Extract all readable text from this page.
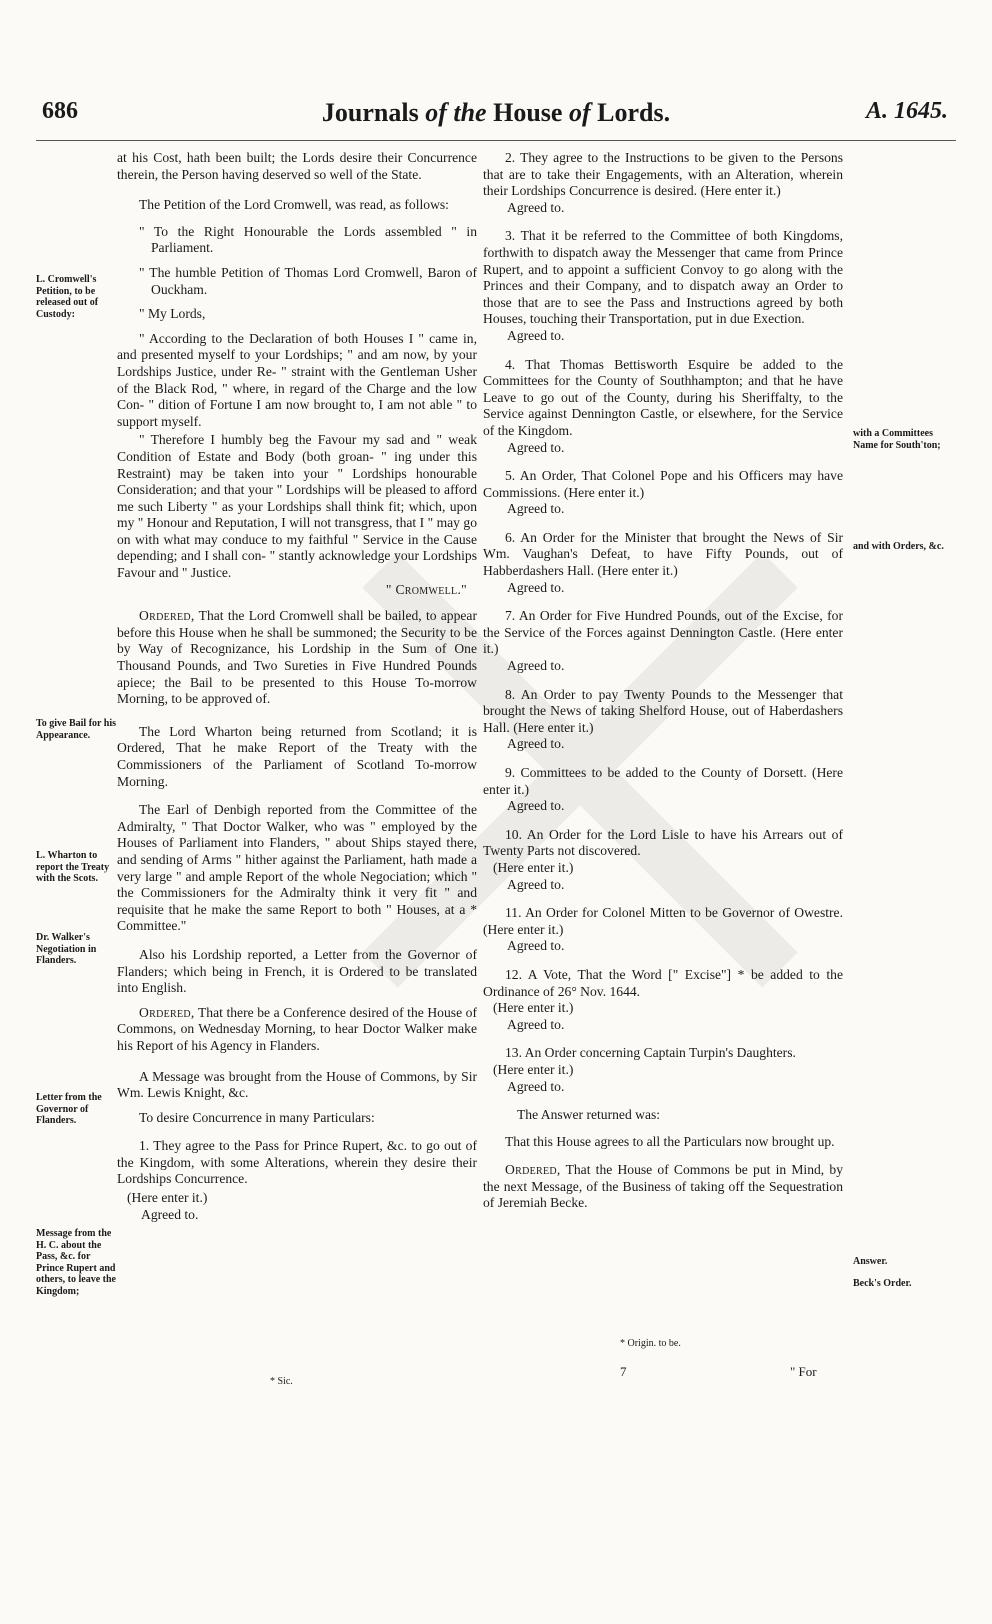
686	Journals of the House of Lords.	A. 1645.
L. Cromwell's Petition, to be released out of Custody:
To give Bail for his Appearance.
L. Wharton to report the Treaty with the Scots.
Dr. Walker's Negotiation in Flanders.
Letter from the Governor of Flanders.
Message from the H. C. about the Pass, &c. for Prince Rupert and others, to leave the Kingdom;
with a Committees Name for South'ton;
and with Orders, &c.
Answer.
Beck's Order.

at his Cost, hath been built; the Lords desire their Concurrence therein, the Person having deserved so well of the State.

The Petition of the Lord Cromwell, was read, as follows:

" To the Right Honourable the Lords assembled " in Parliament.

" The humble Petition of Thomas Lord Cromwell, Baron of Ouckham.

" My Lords,

" According to the Declaration of both Houses I " came in, and presented myself to your Lordships; " and am now, by your Lordships Justice, under Re- " straint with the Gentleman Usher of the Black Rod, " where, in regard of the Charge and the low Con- " dition of Fortune I am now brought to, I am not able " to support myself.

" Therefore I humbly beg the Favour my sad and " weak Condition of Estate and Body (both groan- " ing under this Restraint) may be taken into your " Lordships honourable Consideration; and that your " Lordships will be pleased to afford me such Liberty " as your Lordships shall think fit; which, upon my " Honour and Reputation, I will not transgress, that I " may go on with what may conduce to my faithful " Service in the Cause depending; and I shall con- " stantly acknowledge your Lordships Favour and " Justice.

" Cromwell."

Ordered, That the Lord Cromwell shall be bailed, to appear before this House when he shall be summoned; the Security to be by Way of Recognizance, his Lordship in the Sum of One Thousand Pounds, and Two Sureties in Five Hundred Pounds apiece; the Bail to be presented to this House To-morrow Morning, to be approved of.

The Lord Wharton being returned from Scotland; it is Ordered, That he make Report of the Treaty with the Commissioners of the Parliament of Scotland To-morrow Morning.

The Earl of Denbigh reported from the Committee of the Admiralty, " That Doctor Walker, who was " employed by the Houses of Parliament into Flanders, " about Ships stayed there, and sending of Arms " hither against the Parliament, hath made a very large " and ample Report of the whole Negociation; which " the Commissioners for the Admiralty think it very fit " and requisite that he make the same Report to both " Houses, at a * Committee."

Also his Lordship reported, a Letter from the Governor of Flanders; which being in French, it is Ordered to be translated into English.

Ordered, That there be a Conference desired of the House of Commons, on Wednesday Morning, to hear Doctor Walker make his Report of his Agency in Flanders.

A Message was brought from the House of Commons, by Sir Wm. Lewis Knight, &c.

To desire Concurrence in many Particulars:

1. They agree to the Pass for Prince Rupert, &c. to go out of the Kingdom, with some Alterations, wherein they desire their Lordships Concurrence.

(Here enter it.)

Agreed to.

2. They agree to the Instructions to be given to the Persons that are to take their Engagements, with an Alteration, wherein their Lordships Concurrence is desired. (Here enter it.)

Agreed to.

3. That it be referred to the Committee of both Kingdoms, forthwith to dispatch away the Messenger that came from Prince Rupert, and to appoint a sufficient Convoy to go along with the Princes and their Company, and to dispatch away an Order to those that are to see the Pass and Instructions agreed by both Houses, touching their Transportation, put in due Exection.

Agreed to.

4. That Thomas Bettisworth Esquire be added to the Committees for the County of Southhampton; and that he have Leave to go out of the County, during his Sheriffalty, to the Service against Dennington Castle, or elsewhere, for the Service of the Kingdom.

Agreed to.

5. An Order, That Colonel Pope and his Officers may have Commissions. (Here enter it.)

Agreed to.

6. An Order for the Minister that brought the News of Sir Wm. Vaughan's Defeat, to have Fifty Pounds, out of Habberdashers Hall. (Here enter it.)

Agreed to.

7. An Order for Five Hundred Pounds, out of the Excise, for the Service of the Forces against Dennington Castle. (Here enter it.)

Agreed to.

8. An Order to pay Twenty Pounds to the Messenger that brought the News of taking Shelford House, out of Haberdashers Hall. (Here enter it.)

Agreed to.

9. Committees to be added to the County of Dorsett. (Here enter it.)

Agreed to.

10. An Order for the Lord Lisle to have his Arrears out of Twenty Parts not discovered.

(Here enter it.)

Agreed to.

11. An Order for Colonel Mitten to be Governor of Owestre. (Here enter it.)

Agreed to.

12. A Vote, That the Word [" Excise"] * be added to the Ordinance of 26° Nov. 1644.

(Here enter it.)

Agreed to.

13. An Order concerning Captain Turpin's Daughters.

(Here enter it.)

Agreed to.

The Answer returned was:

That this House agrees to all the Particulars now brought up.

Ordered, That the House of Commons be put in Mind, by the next Message, of the Business of taking off the Sequestration of Jeremiah Becke.

* Sic.
* Origin. to be.
7	" For
